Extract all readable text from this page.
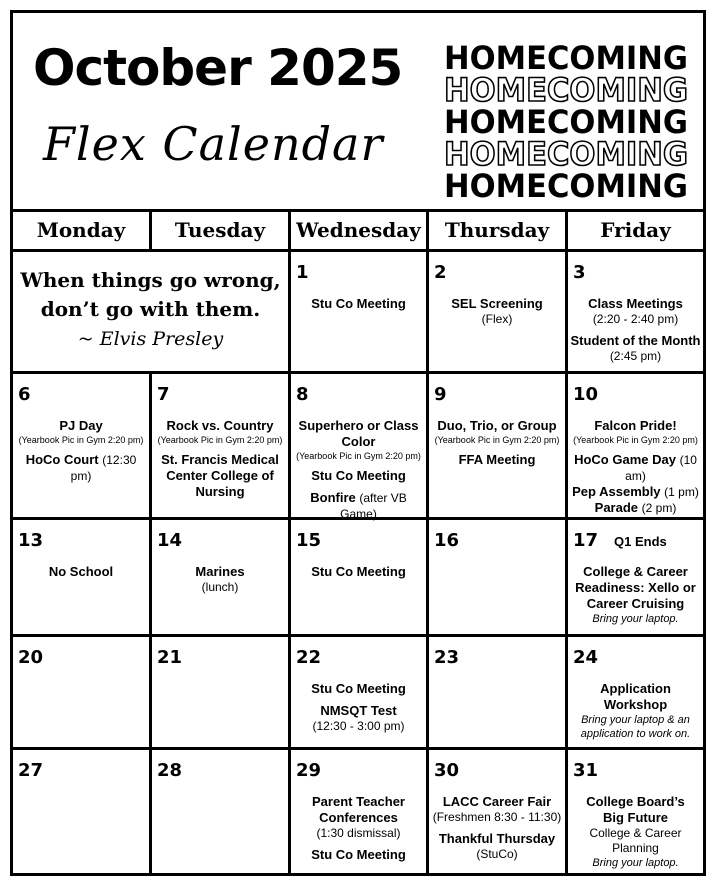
October 2025
Flex Calendar
HOMECOMING
HOMECOMING
HOMECOMING
HOMECOMING
HOMECOMING
Monday	Tuesday	Wednesday	Thursday	Friday
When things go wrong,
don’t go with them.
~ Elvis Presley
1
Stu Co Meeting
2
SEL Screening
(Flex)
3
Class Meetings
(2:20 - 2:40 pm)
Student of the Month
(2:45 pm)
6
PJ Day
(Yearbook Pic in Gym 2:20 pm)
HoCo Court (12:30 pm)
7
Rock vs. Country
(Yearbook Pic in Gym 2:20 pm)
St. Francis Medical Center College of Nursing
8
Superhero or Class Color
(Yearbook Pic in Gym 2:20 pm)
Stu Co Meeting
Bonfire (after VB Game)
9
Duo, Trio, or Group
(Yearbook Pic in Gym 2:20 pm)
FFA Meeting
10
Falcon Pride!
(Yearbook Pic in Gym 2:20 pm)
HoCo Game Day (10 am)
Pep Assembly (1 pm)
Parade (2 pm)
13
No School
14
Marines
(lunch)
15
Stu Co Meeting
16	17 Q1 Ends
College & Career Readiness: Xello or Career Cruising
Bring your laptop.
20	21	22
Stu Co Meeting
NMSQT Test
(12:30 - 3:00 pm)
23	24
Application Workshop
Bring your laptop & an application to work on.
27	28	29
Parent Teacher Conferences
(1:30 dismissal)
Stu Co Meeting
30
LACC Career Fair
(Freshmen 8:30 - 11:30)
Thankful Thursday
(StuCo)
31
College Board’s Big Future
College & Career Planning
Bring your laptop.
